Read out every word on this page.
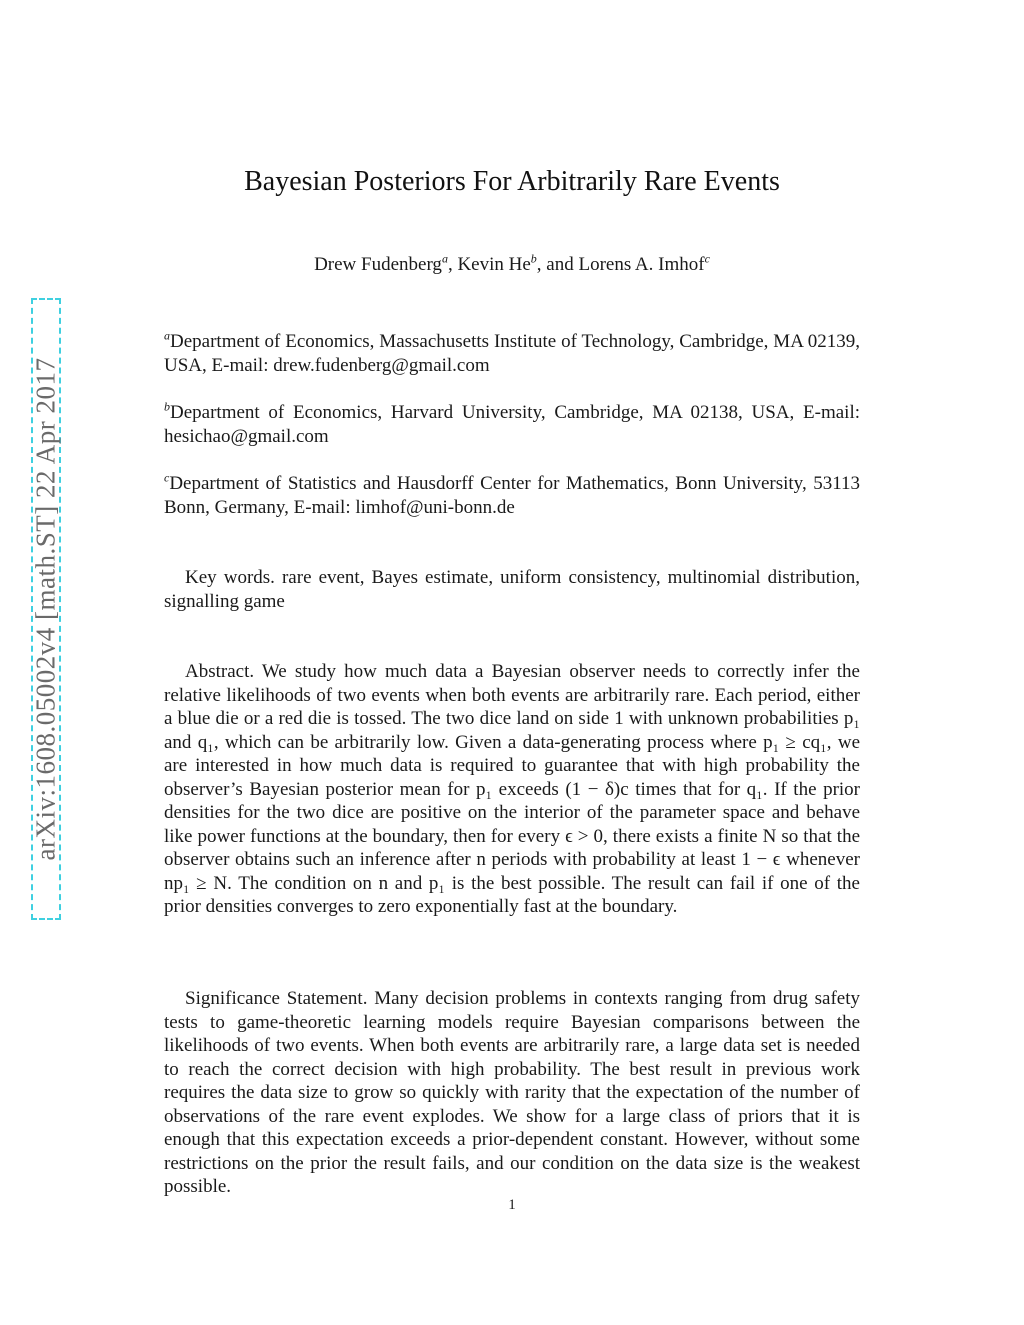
arXiv:1608.05002v4 [math.ST] 22 Apr 2017
Bayesian Posteriors For Arbitrarily Rare Events
Drew Fudenberg$^a$, Kevin He$^b$, and Lorens A. Imhof$^c$

$^a$Department of Economics, Massachusetts Institute of Technology, Cambridge, MA 02139, USA, E-mail: drew.fudenberg@gmail.com

$^b$Department of Economics, Harvard University, Cambridge, MA 02138, USA, E-mail: hesichao@gmail.com

$^c$Department of Statistics and Hausdorff Center for Mathematics, Bonn University, 53113 Bonn, Germany, E-mail: limhof@uni-bonn.de

Key words. rare event, Bayes estimate, uniform consistency, multinomial distribution, signalling game

Abstract. We study how much data a Bayesian observer needs to correctly infer the relative likelihoods of two events when both events are arbitrarily rare. Each period, either a blue die or a red die is tossed. The two dice land on side 1 with unknown probabilities p₁ and q₁, which can be arbitrarily low. Given a data-generating process where p₁ ≥ cq₁, we are interested in how much data is required to guarantee that with high probability the observer’s Bayesian posterior mean for p₁ exceeds (1 − δ)c times that for q₁. If the prior densities for the two dice are positive on the interior of the parameter space and behave like power functions at the boundary, then for every ϵ > 0, there exists a finite N so that the observer obtains such an inference after n periods with probability at least 1 − ϵ whenever np₁ ≥ N. The condition on n and p₁ is the best possible. The result can fail if one of the prior densities converges to zero exponentially fast at the boundary.

Significance Statement. Many decision problems in contexts ranging from drug safety tests to game-theoretic learning models require Bayesian comparisons between the likelihoods of two events. When both events are arbitrarily rare, a large data set is needed to reach the correct decision with high probability. The best result in previous work requires the data size to grow so quickly with rarity that the expectation of the number of observations of the rare event explodes. We show for a large class of priors that it is enough that this expectation exceeds a prior-dependent constant. However, without some restrictions on the prior the result fails, and our condition on the data size is the weakest possible.

1
